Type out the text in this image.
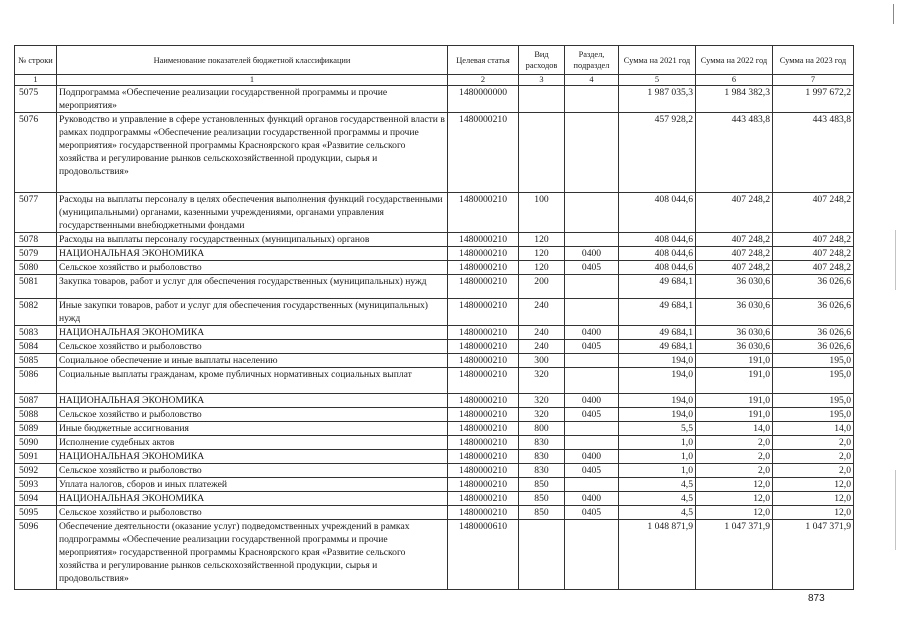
№ строки	Наименование показателей бюджетной классификации	Целевая статья	Вид расходов	Раздел, подраздел	Сумма на 2021 год	Сумма на 2022 год	Сумма на 2023 год
1	1	2	3	4	5	6	7
5075	Подпрограмма «Обеспечение реализации государственной программы и прочие мероприятия»	1480000000			1 987 035,3	1 984 382,3	1 997 672,2
5076	Руководство и управление в сфере установленных функций органов государственной власти в рамках подпрограммы «Обеспечение реализации государственной программы и прочие мероприятия» государственной программы Красноярского края «Развитие сельского хозяйства и регулирование рынков сельскохозяйственной продукции, сырья и продовольствия»	1480000210			457 928,2	443 483,8	443 483,8
5077	Расходы на выплаты персоналу в целях обеспечения выполнения функций государственными (муниципальными) органами, казенными учреждениями, органами управления государственными внебюджетными фондами	1480000210	100		408 044,6	407 248,2	407 248,2
5078	Расходы на выплаты персоналу государственных (муниципальных) органов	1480000210	120		408 044,6	407 248,2	407 248,2
5079	НАЦИОНАЛЬНАЯ ЭКОНОМИКА	1480000210	120	0400	408 044,6	407 248,2	407 248,2
5080	Сельское хозяйство и рыболовство	1480000210	120	0405	408 044,6	407 248,2	407 248,2
5081	Закупка товаров, работ и услуг для обеспечения государственных (муниципальных) нужд	1480000210	200		49 684,1	36 030,6	36 026,6
5082	Иные закупки товаров, работ и услуг для обеспечения государственных (муниципальных) нужд	1480000210	240		49 684,1	36 030,6	36 026,6
5083	НАЦИОНАЛЬНАЯ ЭКОНОМИКА	1480000210	240	0400	49 684,1	36 030,6	36 026,6
5084	Сельское хозяйство и рыболовство	1480000210	240	0405	49 684,1	36 030,6	36 026,6
5085	Социальное обеспечение и иные выплаты населению	1480000210	300		194,0	191,0	195,0
5086	Социальные выплаты гражданам, кроме публичных нормативных социальных выплат	1480000210	320		194,0	191,0	195,0
5087	НАЦИОНАЛЬНАЯ ЭКОНОМИКА	1480000210	320	0400	194,0	191,0	195,0
5088	Сельское хозяйство и рыболовство	1480000210	320	0405	194,0	191,0	195,0
5089	Иные бюджетные ассигнования	1480000210	800		5,5	14,0	14,0
5090	Исполнение судебных актов	1480000210	830		1,0	2,0	2,0
5091	НАЦИОНАЛЬНАЯ ЭКОНОМИКА	1480000210	830	0400	1,0	2,0	2,0
5092	Сельское хозяйство и рыболовство	1480000210	830	0405	1,0	2,0	2,0
5093	Уплата налогов, сборов и иных платежей	1480000210	850		4,5	12,0	12,0
5094	НАЦИОНАЛЬНАЯ ЭКОНОМИКА	1480000210	850	0400	4,5	12,0	12,0
5095	Сельское хозяйство и рыболовство	1480000210	850	0405	4,5	12,0	12,0
5096	Обеспечение деятельности (оказание услуг) подведомственных учреждений в рамках подпрограммы «Обеспечение реализации государственной программы и прочие мероприятия» государственной программы Красноярского края «Развитие сельского хозяйства и регулирование рынков сельскохозяйственной продукции, сырья и продовольствия»	1480000610			1 048 871,9	1 047 371,9	1 047 371,9
873
